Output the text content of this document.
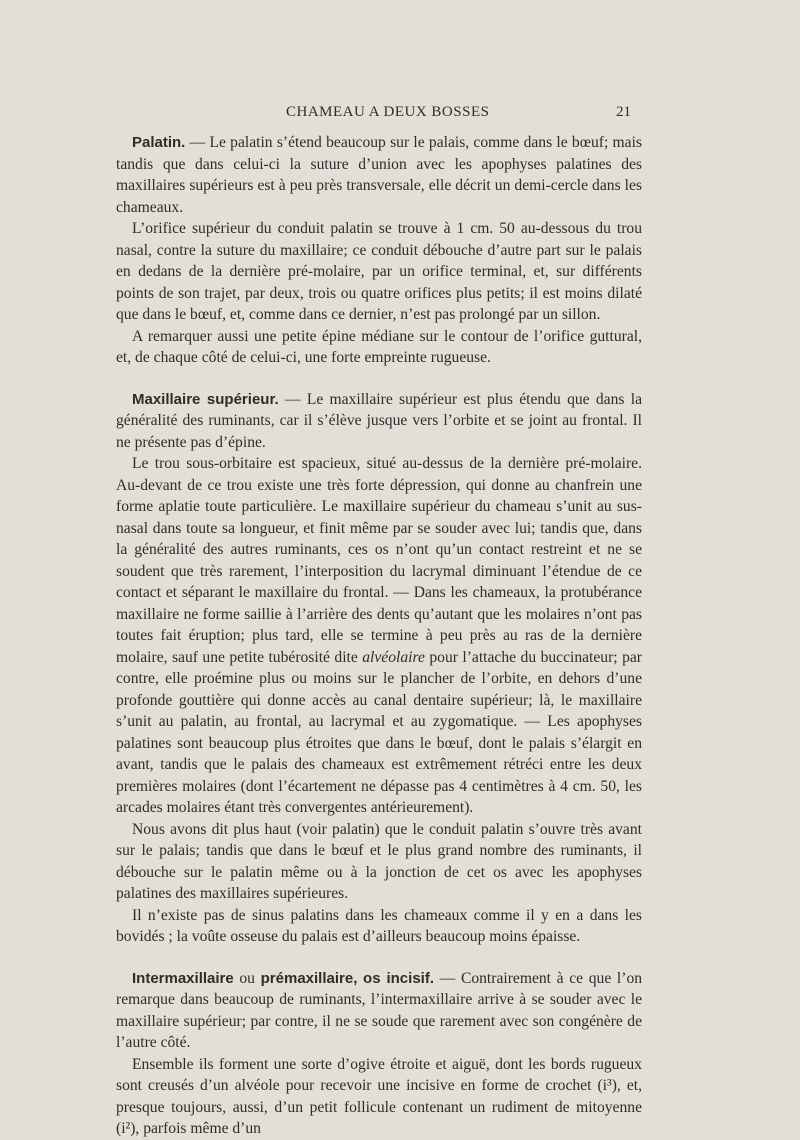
CHAMEAU A DEUX BOSSES	21

Palatin. — Le palatin s’étend beaucoup sur le palais, comme dans le bœuf; mais tandis que dans celui-ci la suture d’union avec les apophyses palatines des maxillaires supérieurs est à peu près transversale, elle décrit un demi-cercle dans les chameaux.

L’orifice supérieur du conduit palatin se trouve à 1 cm. 50 au-dessous du trou nasal, contre la suture du maxillaire; ce conduit débouche d’autre part sur le palais en dedans de la dernière pré-molaire, par un orifice terminal, et, sur différents points de son trajet, par deux, trois ou quatre orifices plus petits; il est moins dilaté que dans le bœuf, et, comme dans ce dernier, n’est pas prolongé par un sillon.

A remarquer aussi une petite épine médiane sur le contour de l’orifice guttural, et, de chaque côté de celui-ci, une forte empreinte rugueuse.

Maxillaire supérieur. — Le maxillaire supérieur est plus étendu que dans la généralité des ruminants, car il s’élève jusque vers l’orbite et se joint au frontal. Il ne présente pas d’épine.

Le trou sous-orbitaire est spacieux, situé au-dessus de la dernière pré-molaire. Au-devant de ce trou existe une très forte dépression, qui donne au chanfrein une forme aplatie toute particulière. Le maxillaire supérieur du chameau s’unit au sus-nasal dans toute sa longueur, et finit même par se souder avec lui; tandis que, dans la généralité des autres ruminants, ces os n’ont qu’un contact restreint et ne se soudent que très rarement, l’interposition du lacrymal diminuant l’étendue de ce contact et séparant le maxillaire du frontal. — Dans les chameaux, la protubérance maxillaire ne forme saillie à l’arrière des dents qu’autant que les molaires n’ont pas toutes fait éruption; plus tard, elle se termine à peu près au ras de la dernière molaire, sauf une petite tubérosité dite alvéolaire pour l’attache du buccinateur; par contre, elle proémine plus ou moins sur le plancher de l’orbite, en dehors d’une profonde gouttière qui donne accès au canal dentaire supérieur; là, le maxillaire s’unit au palatin, au frontal, au lacrymal et au zygomatique. — Les apophyses palatines sont beaucoup plus étroites que dans le bœuf, dont le palais s’élargit en avant, tandis que le palais des chameaux est extrêmement rétréci entre les deux premières molaires (dont l’écartement ne dépasse pas 4 centimètres à 4 cm. 50, les arcades molaires étant très convergentes antérieurement).

Nous avons dit plus haut (voir palatin) que le conduit palatin s’ouvre très avant sur le palais; tandis que dans le bœuf et le plus grand nombre des ruminants, il débouche sur le palatin même ou à la jonction de cet os avec les apophyses palatines des maxillaires supérieures.

Il n’existe pas de sinus palatins dans les chameaux comme il y en a dans les bovidés ; la voûte osseuse du palais est d’ailleurs beaucoup moins épaisse.

Intermaxillaire ou prémaxillaire, os incisif. — Contrairement à ce que l’on remarque dans beaucoup de ruminants, l’intermaxillaire arrive à se souder avec le maxillaire supérieur; par contre, il ne se soude que rarement avec son congénère de l’autre côté.

Ensemble ils forment une sorte d’ogive étroite et aiguë, dont les bords rugueux sont creusés d’un alvéole pour recevoir une incisive en forme de crochet (i³), et, presque toujours, aussi, d’un petit follicule contenant un rudiment de mitoyenne (i²), parfois même d’un
